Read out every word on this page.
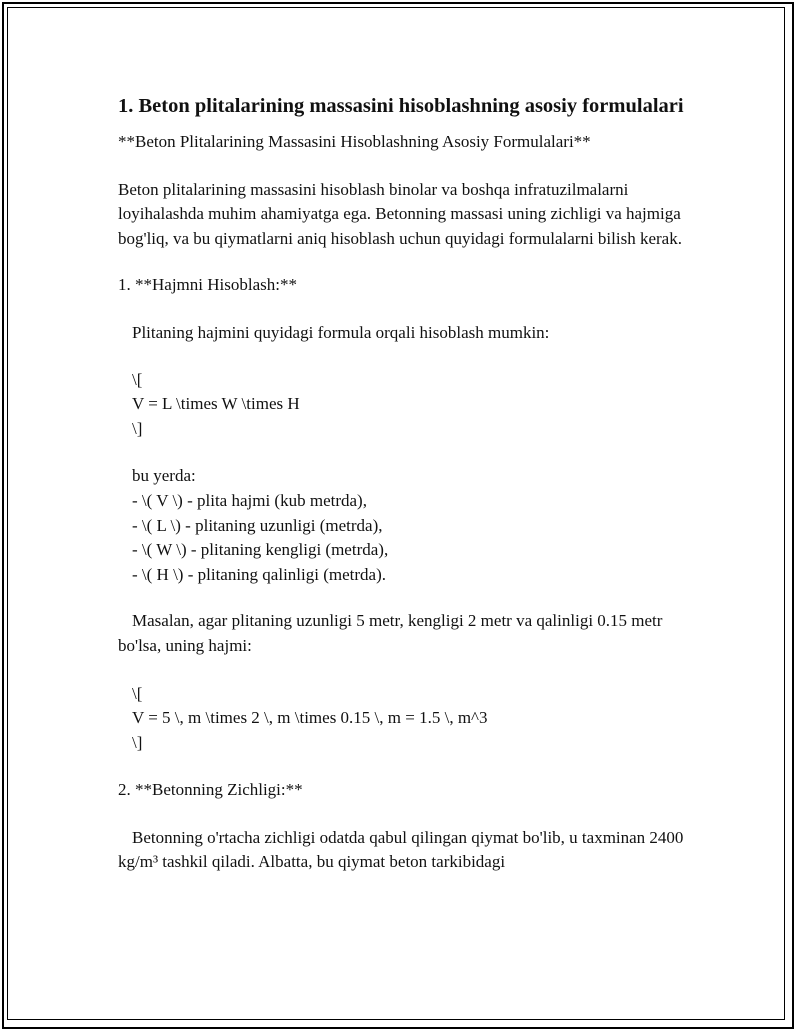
1. Beton plitalarining massasini hisoblashning asosiy formulalari

**Beton Plitalarining Massasini Hisoblashning Asosiy Formulalari**

Beton plitalarining massasini hisoblash binolar va boshqa infratuzilmalarni loyihalashda muhim ahamiyatga ega. Betonning massasi uning zichligi va hajmiga bog'liq, va bu qiymatlarni aniq hisoblash uchun quyidagi formulalarni bilish kerak.

1. **Hajmni Hisoblash:**

Plitaning hajmini quyidagi formula orqali hisoblash mumkin:

\[

V = L \times W \times H

\]

bu yerda:

- \( V \) - plita hajmi (kub metrda),

- \( L \) - plitaning uzunligi (metrda),

- \( W \) - plitaning kengligi (metrda),

- \( H \) - plitaning qalinligi (metrda).

Masalan, agar plitaning uzunligi 5 metr, kengligi 2 metr va qalinligi 0.15 metr bo'lsa, uning hajmi:

\[

V = 5 \, m \times 2 \, m \times 0.15 \, m = 1.5 \, m^3

\]

2. **Betonning Zichligi:**

Betonning o'rtacha zichligi odatda qabul qilingan qiymat bo'lib, u taxminan 2400 kg/m³ tashkil qiladi. Albatta, bu qiymat beton tarkibidagi
